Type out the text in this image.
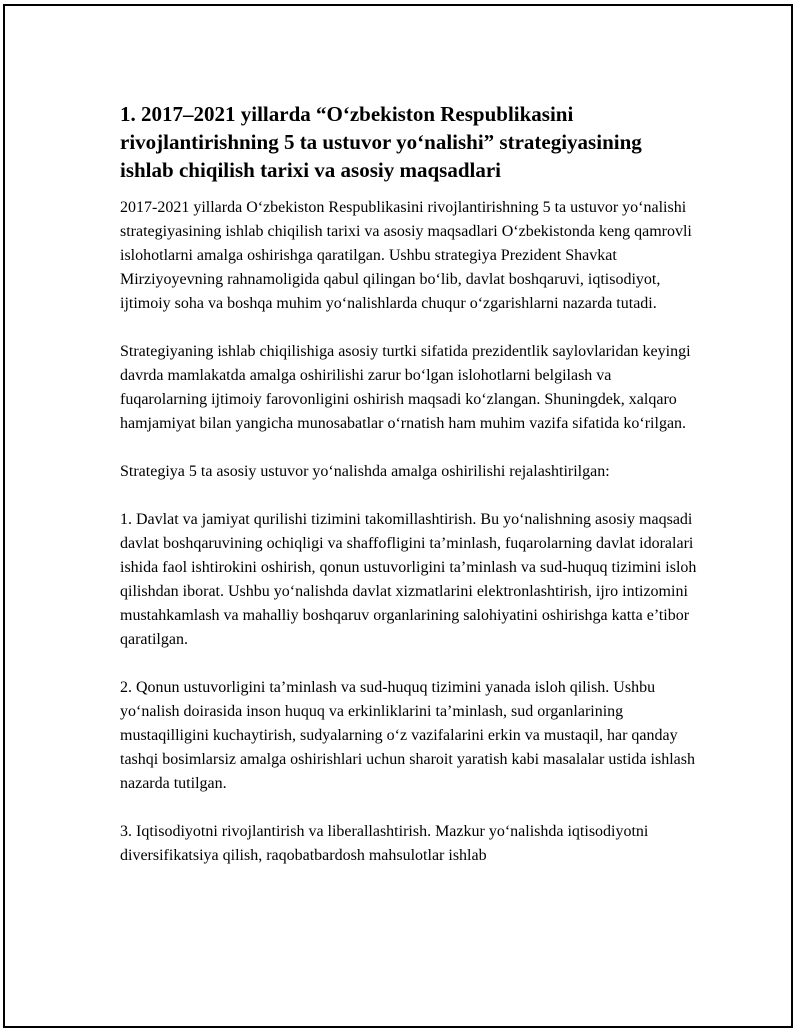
1. 2017–2021 yillarda “O‘zbekiston Respublikasini rivojlantirishning 5 ta ustuvor yo‘nalishi” strategiyasining ishlab chiqilish tarixi va asosiy maqsadlari

2017-2021 yillarda O‘zbekiston Respublikasini rivojlantirishning 5 ta ustuvor yo‘nalishi strategiyasining ishlab chiqilish tarixi va asosiy maqsadlari O‘zbekistonda keng qamrovli islohotlarni amalga oshirishga qaratilgan. Ushbu strategiya Prezident Shavkat Mirziyoyevning rahnamoligida qabul qilingan bo‘lib, davlat boshqaruvi, iqtisodiyot, ijtimoiy soha va boshqa muhim yo‘nalishlarda chuqur o‘zgarishlarni nazarda tutadi.

Strategiyaning ishlab chiqilishiga asosiy turtki sifatida prezidentlik saylovlaridan keyingi davrda mamlakatda amalga oshirilishi zarur bo‘lgan islohotlarni belgilash va fuqarolarning ijtimoiy farovonligini oshirish maqsadi ko‘zlangan. Shuningdek, xalqaro hamjamiyat bilan yangicha munosabatlar o‘rnatish ham muhim vazifa sifatida ko‘rilgan.

Strategiya 5 ta asosiy ustuvor yo‘nalishda amalga oshirilishi rejalashtirilgan:

1. Davlat va jamiyat qurilishi tizimini takomillashtirish. Bu yo‘nalishning asosiy maqsadi davlat boshqaruvining ochiqligi va shaffofligini ta’minlash, fuqarolarning davlat idoralari ishida faol ishtirokini oshirish, qonun ustuvorligini ta’minlash va sud-huquq tizimini isloh qilishdan iborat. Ushbu yo‘nalishda davlat xizmatlarini elektronlashtirish, ijro intizomini mustahkamlash va mahalliy boshqaruv organlarining salohiyatini oshirishga katta e’tibor qaratilgan.

2. Qonun ustuvorligini ta’minlash va sud-huquq tizimini yanada isloh qilish. Ushbu yo‘nalish doirasida inson huquq va erkinliklarini ta’minlash, sud organlarining mustaqilligini kuchaytirish, sudyalarning o‘z vazifalarini erkin va mustaqil, har qanday tashqi bosimlarsiz amalga oshirishlari uchun sharoit yaratish kabi masalalar ustida ishlash nazarda tutilgan.

3. Iqtisodiyotni rivojlantirish va liberallashtirish. Mazkur yo‘nalishda iqtisodiyotni diversifikatsiya qilish, raqobatbardosh mahsulotlar ishlab
